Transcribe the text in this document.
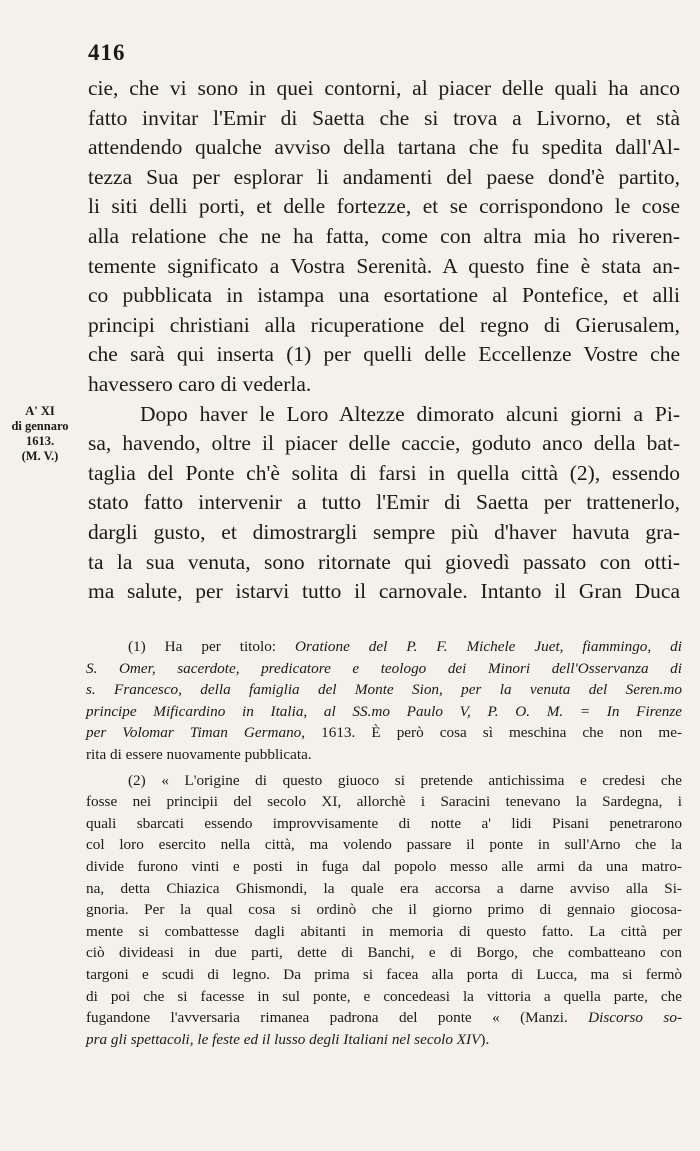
416
A' XI
di gennaro
1613.
(M. V.)

cie, che vi sono in quei contorni, al piacer delle quali ha anco

fatto invitar l'Emir di Saetta che si trova a Livorno, et stà

attendendo qualche avviso della tartana che fu spedita dall'Al-

tezza Sua per esplorar li andamenti del paese dond'è partito,

li siti delli porti, et delle fortezze, et se corrispondono le cose

alla relatione che ne ha fatta, come con altra mia ho riveren-

temente significato a Vostra Serenità. A questo fine è stata an-

co pubblicata in istampa una esortatione al Pontefice, et alli

principi christiani alla ricuperatione del regno di Gierusalem,

che sarà qui inserta (1) per quelli delle Eccellenze Vostre che

havessero caro di vederla.

Dopo haver le Loro Altezze dimorato alcuni giorni a Pi-

sa, havendo, oltre il piacer delle caccie, goduto anco della bat-

taglia del Ponte ch'è solita di farsi in quella città (2), essendo

stato fatto intervenir a tutto l'Emir di Saetta per trattenerlo,

dargli gusto, et dimostrargli sempre più d'haver havuta gra-

ta la sua venuta, sono ritornate qui giovedì passato con otti-

ma salute, per istarvi tutto il carnovale. Intanto il Gran Duca

(1) Ha per titolo: Oratione del P. F. Michele Juet, fiammingo, di

S. Omer, sacerdote, predicatore e teologo dei Minori dell'Osservanza di

s. Francesco, della famiglia del Monte Sion, per la venuta del Seren.mo

principe Mificardino in Italia, al SS.mo Paulo V, P. O. M. = In Firenze

per Volomar Timan Germano, 1613. È però cosa sì meschina che non me-

rita di essere nuovamente pubblicata.

(2) « L'origine di questo giuoco si pretende antichissima e credesi che

fosse nei principii del secolo XI, allorchè i Saracini tenevano la Sardegna, i

quali sbarcati essendo improvvisamente di notte a' lidi Pisani penetrarono

col loro esercito nella città, ma volendo passare il ponte in sull'Arno che la

divide furono vinti e posti in fuga dal popolo messo alle armi da una matro-

na, detta Chiazica Ghismondi, la quale era accorsa a darne avviso alla Si-

gnoria. Per la qual cosa si ordinò che il giorno primo di gennaio giocosa-

mente si combattesse dagli abitanti in memoria di questo fatto. La città per

ciò divideasi in due parti, dette di Banchi, e di Borgo, che combatteano con

targoni e scudi di legno. Da prima si facea alla porta di Lucca, ma si fermò

di poi che si facesse in sul ponte, e concedeasi la vittoria a quella parte, che

fugandone l'avversaria rimanea padrona del ponte « (Manzi. Discorso so-

pra gli spettacoli, le feste ed il lusso degli Italiani nel secolo XIV).
